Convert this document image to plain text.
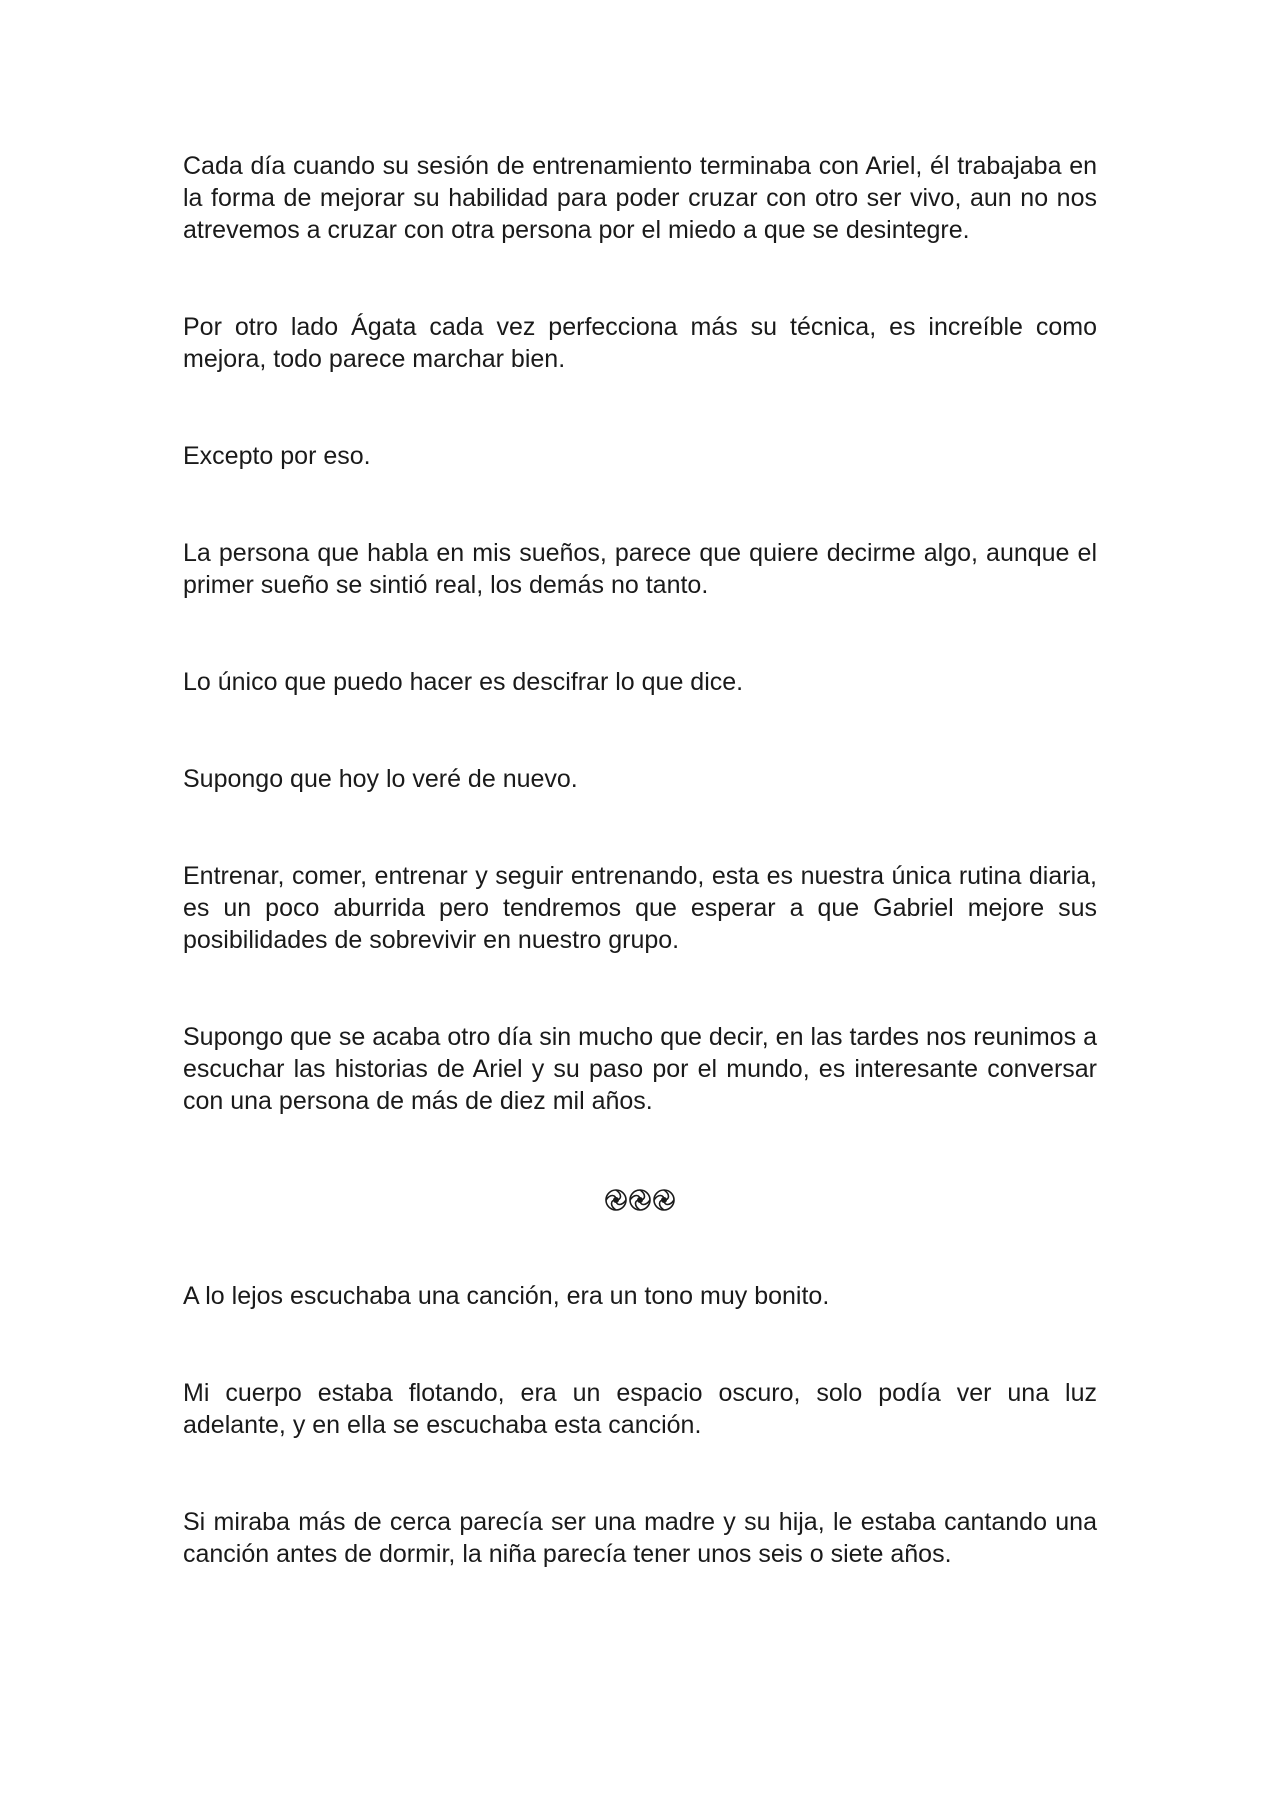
Cada día cuando su sesión de entrenamiento terminaba con Ariel, él trabajaba en la forma de mejorar su habilidad para poder cruzar con otro ser vivo, aun no nos atrevemos a cruzar con otra persona por el miedo a que se desintegre.

Por otro lado Ágata cada vez perfecciona más su técnica, es increíble como mejora, todo parece marchar bien.

Excepto por eso.

La persona que habla en mis sueños, parece que quiere decirme algo, aunque el primer sueño se sintió real, los demás no tanto.

Lo único que puedo hacer es descifrar lo que dice.

Supongo que hoy lo veré de nuevo.

Entrenar, comer, entrenar y seguir entrenando, esta es nuestra única rutina diaria, es un poco aburrida pero tendremos que esperar a que Gabriel mejore sus posibilidades de sobrevivir en nuestro grupo.

Supongo que se acaba otro día sin mucho que decir, en las tardes nos reunimos a escuchar las historias de Ariel y su paso por el mundo, es interesante conversar con una persona de más de diez mil años.

A lo lejos escuchaba una canción, era un tono muy bonito.

Mi cuerpo estaba flotando, era un espacio oscuro, solo podía ver una luz adelante, y en ella se escuchaba esta canción.

Si miraba más de cerca parecía ser una madre y su hija, le estaba cantando una canción antes de dormir, la niña parecía tener unos seis o siete años.
